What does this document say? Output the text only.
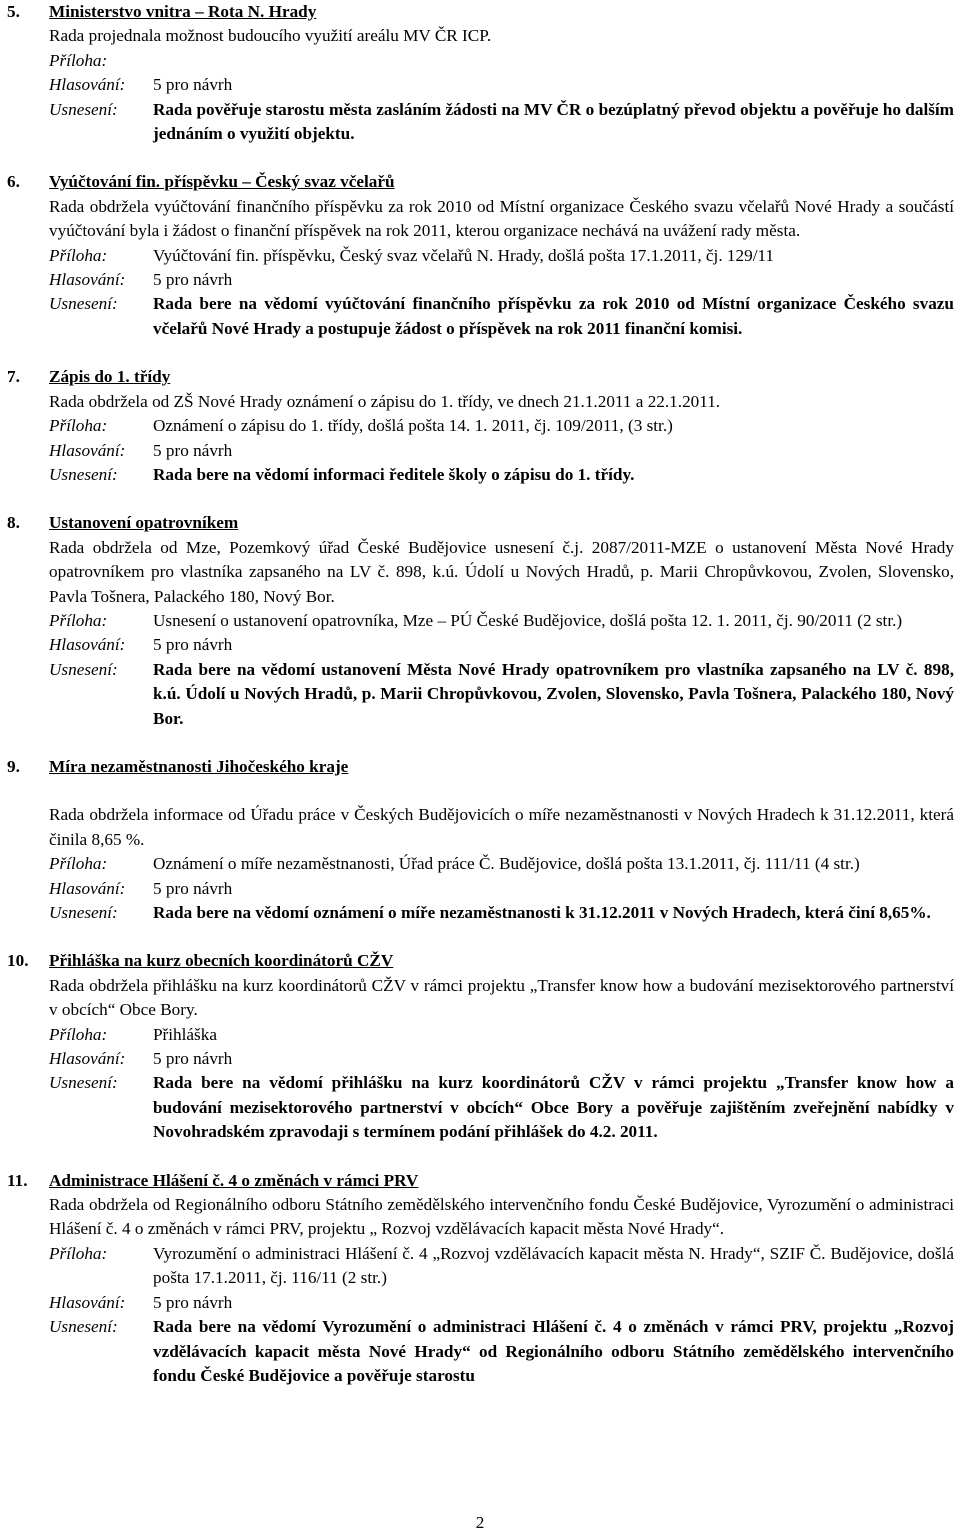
5. Ministerstvo vnitra – Rota N. Hrady
Rada projednala možnost budoucího využití areálu MV ČR ICP.
Příloha:
Hlasování:	5 pro návrh
Usnesení:	Rada pověřuje starostu města zasláním žádosti na MV ČR o bezúplatný převod objektu a pověřuje ho dalším jednáním o využití objektu.
6. Vyúčtování fin. příspěvku – Český svaz včelařů
Rada obdržela vyúčtování finančního příspěvku za rok 2010 od Místní organizace Českého svazu včelařů Nové Hrady a součástí vyúčtování byla i žádost o finanční příspěvek na rok 2011, kterou organizace nechává na uvážení rady města.
Příloha:	Vyúčtování fin. příspěvku, Český svaz včelařů N. Hrady, došlá pošta 17.1.2011, čj. 129/11
Hlasování:	5 pro návrh
Usnesení:	Rada bere na vědomí vyúčtování finančního příspěvku za rok 2010 od Místní organizace Českého svazu včelařů Nové Hrady a postupuje žádost o příspěvek na rok 2011 finanční komisi.
7. Zápis do 1. třídy
Rada obdržela od ZŠ Nové Hrady oznámení o zápisu do 1. třídy, ve dnech 21.1.2011 a 22.1.2011.
Příloha:	Oznámení o zápisu do 1. třídy, došlá pošta 14. 1. 2011, čj. 109/2011, (3 str.)
Hlasování:	5 pro návrh
Usnesení:	Rada bere na vědomí informaci ředitele školy o zápisu do 1. třídy.
8. Ustanovení opatrovníkem
Rada obdržela od Mze, Pozemkový úřad České Budějovice usnesení č.j. 2087/2011-MZE o ustanovení Města Nové Hrady opatrovníkem pro vlastníka zapsaného na LV č. 898, k.ú. Údolí u Nových Hradů, p. Marii Chropůvkovou, Zvolen, Slovensko, Pavla Tošnera, Palackého 180, Nový Bor.
Příloha:	Usnesení o ustanovení opatrovníka, Mze – PÚ České Budějovice, došlá pošta 12. 1. 2011, čj. 90/2011 (2 str.)
Hlasování:	5 pro návrh
Usnesení:	Rada bere na vědomí ustanovení Města Nové Hrady opatrovníkem pro vlastníka zapsaného na LV č. 898, k.ú. Údolí u Nových Hradů, p. Marii Chropůvkovou, Zvolen, Slovensko, Pavla Tošnera, Palackého 180, Nový Bor.
9. Míra nezaměstnanosti Jihočeského kraje
Rada obdržela informace od Úřadu práce v Českých Budějovicích o míře nezaměstnanosti v Nových Hradech k 31.12.2011, která činila 8,65 %.
Příloha:	Oznámení o míře nezaměstnanosti, Úřad práce Č. Budějovice, došlá pošta 13.1.2011, čj. 111/11 (4 str.)
Hlasování:	5 pro návrh
Usnesení:	Rada bere na vědomí oznámení o míře nezaměstnanosti k 31.12.2011 v Nových Hradech, která činí 8,65%.
10. Přihláška na kurz obecních koordinátorů CŽV
Rada obdržela přihlášku na kurz koordinátorů CŽV v rámci projektu „Transfer know how a budování mezisektorového partnerství v obcích“ Obce Bory.
Příloha:	Přihláška
Hlasování:	5 pro návrh
Usnesení:	Rada bere na vědomí přihlášku na kurz koordinátorů CŽV v rámci projektu „Transfer know how a budování mezisektorového partnerství v obcích“ Obce Bory a pověřuje zajištěním zveřejnění nabídky v Novohradském zpravodaji s termínem podání přihlášek do 4.2. 2011.
11. Administrace Hlášení č. 4 o změnách v rámci PRV
Rada obdržela od Regionálního odboru Státního zemědělského intervenčního fondu České Budějovice, Vyrozumění o administraci Hlášení č. 4 o změnách v rámci PRV, projektu „ Rozvoj vzdělávacích kapacit města Nové Hrady“.
Příloha:	Vyrozumění o administraci Hlášení č. 4 „Rozvoj vzdělávacích kapacit města N. Hrady“, SZIF Č. Budějovice, došlá pošta 17.1.2011, čj. 116/11 (2 str.)
Hlasování:	5 pro návrh
Usnesení:	Rada bere na vědomí Vyrozumění o administraci Hlášení č. 4 o změnách v rámci PRV, projektu „Rozvoj vzdělávacích kapacit města Nové Hrady“ od Regionálního odboru Státního zemědělského intervenčního fondu České Budějovice a pověřuje starostu
2
